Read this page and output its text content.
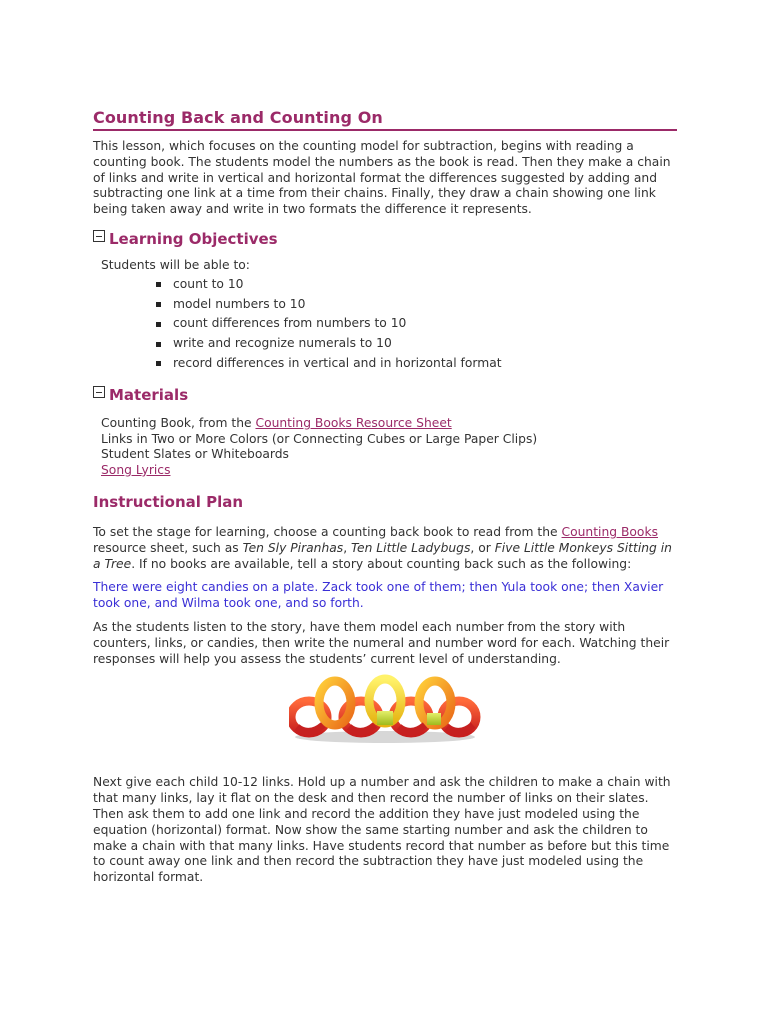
Counting Back and Counting On

This lesson, which focuses on the counting model for subtraction, begins with reading a counting book. The students model the numbers as the book is read. Then they make a chain of links and write in vertical and horizontal format the differences suggested by adding and subtracting one link at a time from their chains. Finally, they draw a chain showing one link being taken away and write in two formats the difference it represents.

Learning Objectives
Students will be able to:
count to 10
model numbers to 10
count differences from numbers to 10
write and recognize numerals to 10
record differences in vertical and in horizontal format
Materials
Counting Book, from the Counting Books Resource Sheet
Links in Two or More Colors (or Connecting Cubes or Large Paper Clips)
Student Slates or Whiteboards
Song Lyrics
Instructional Plan

To set the stage for learning, choose a counting back book to read from the Counting Books resource sheet, such as Ten Sly Piranhas, Ten Little Ladybugs, or Five Little Monkeys Sitting in a Tree. If no books are available, tell a story about counting back such as the following:

There were eight candies on a plate. Zack took one of them; then Yula took one; then Xavier took one, and Wilma took one, and so forth.

As the students listen to the story, have them model each number from the story with counters, links, or candies, then write the numeral and number word for each. Watching their responses will help you assess the students’ current level of understanding.

Next give each child 10-12 links. Hold up a number and ask the children to make a chain with that many links, lay it flat on the desk and then record the number of links on their slates. Then ask them to add one link and record the addition they have just modeled using the equation (horizontal) format. Now show the same starting number and ask the children to make a chain with that many links. Have students record that number as before but this time to count away one link and then record the subtraction they have just modeled using the horizontal format.
